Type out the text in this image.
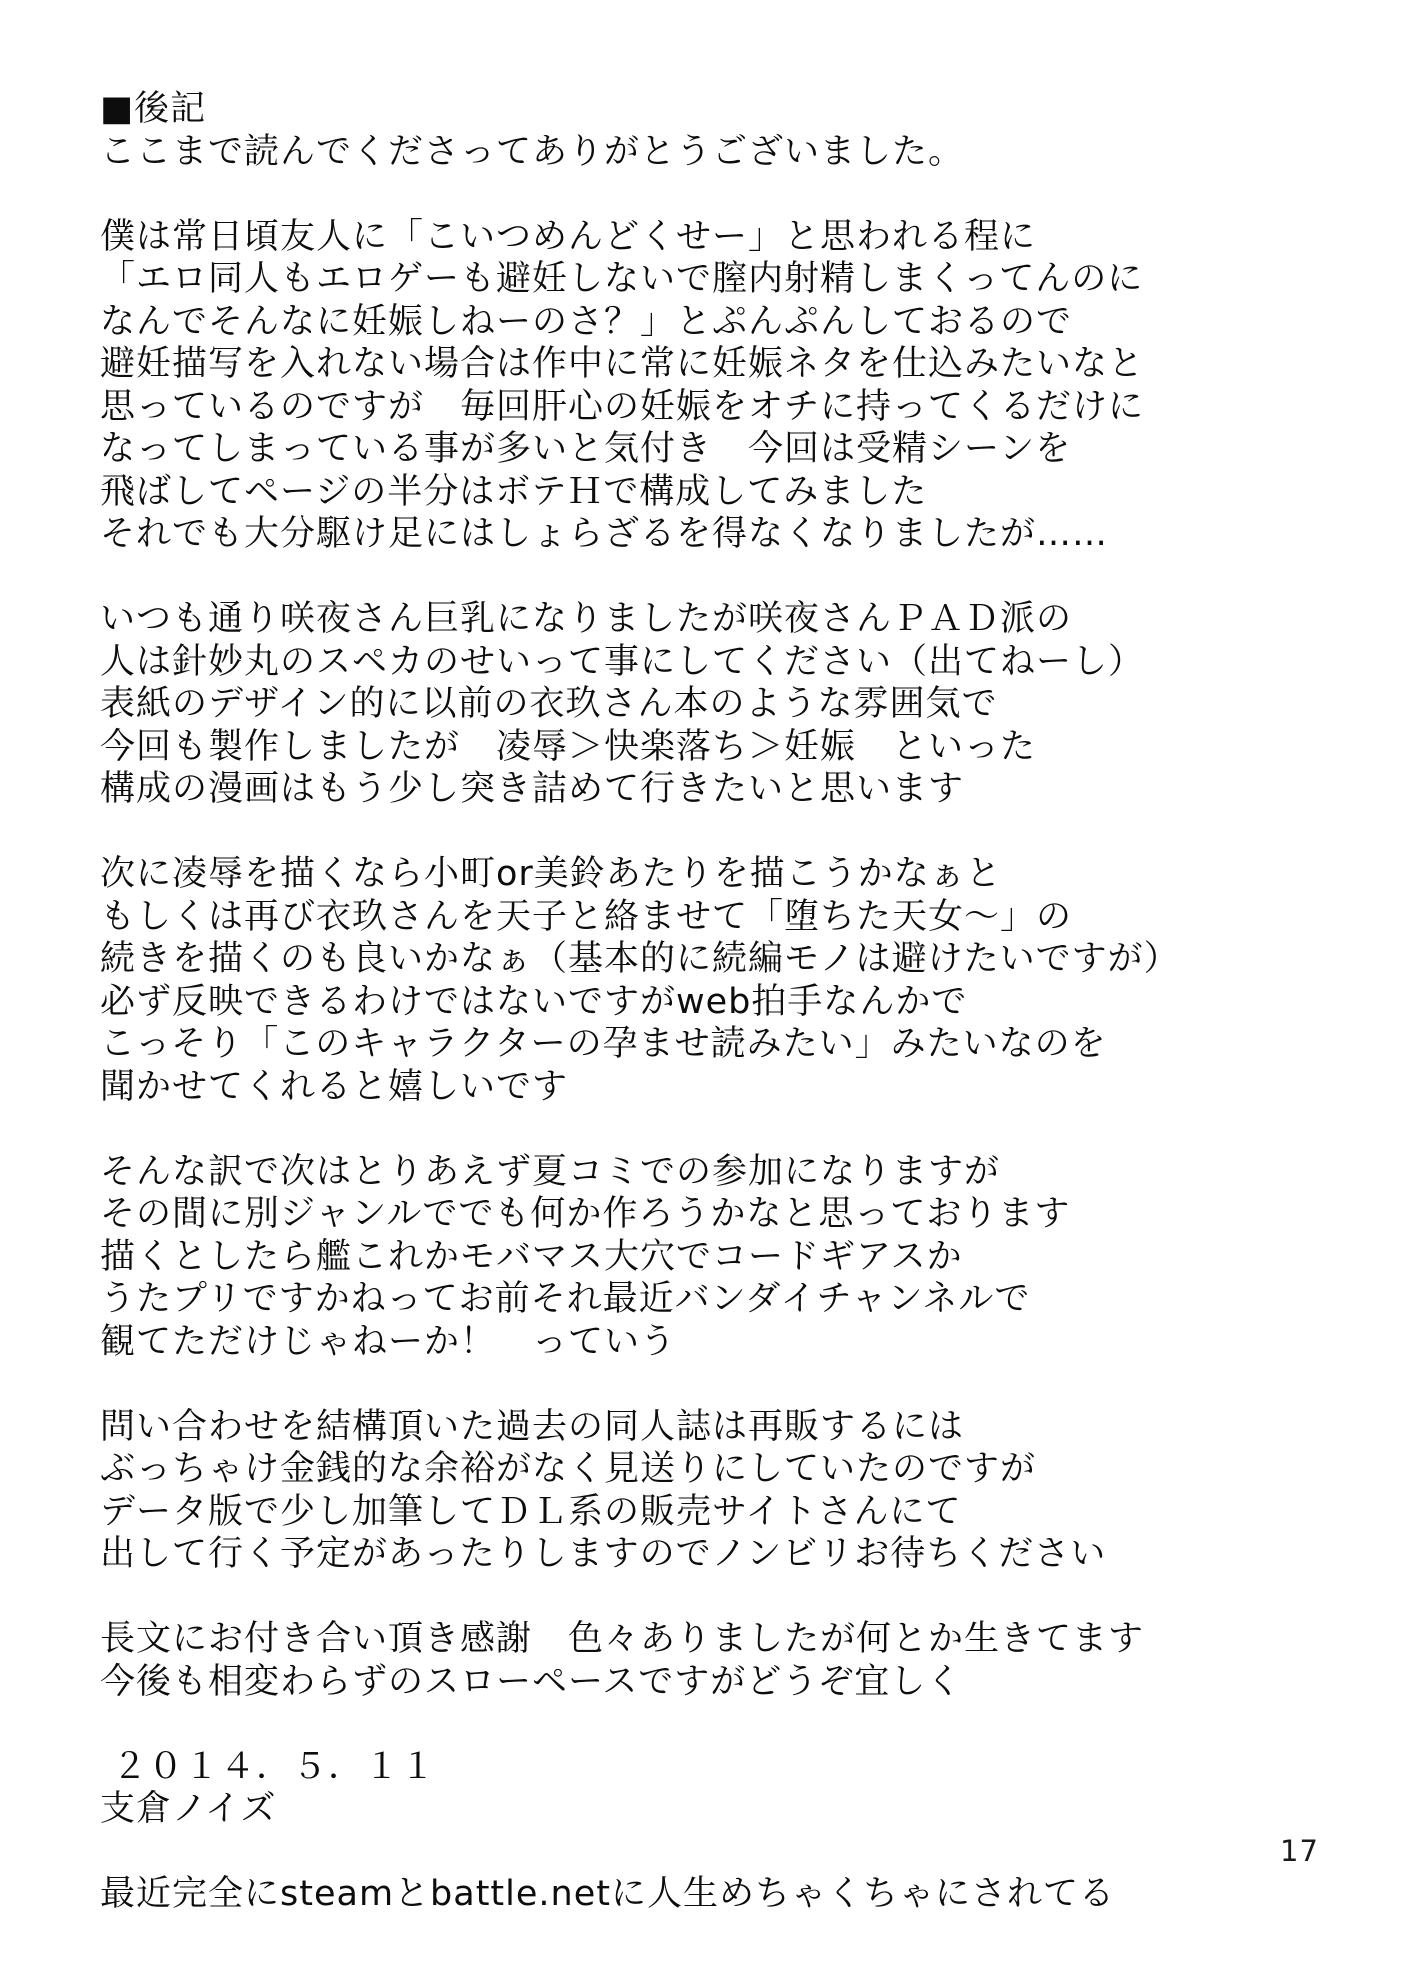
■後記
ここまで読んでくださってありがとうございました。
僕は常日頃友人に「こいつめんどくせー」と思われる程に
「エロ同人もエロゲーも避妊しないで膣内射精しまくってんのに
なんでそんなに妊娠しねーのさ？」とぷんぷんしておるので
避妊描写を入れない場合は作中に常に妊娠ネタを仕込みたいなと
思っているのですが　毎回肝心の妊娠をオチに持ってくるだけに
なってしまっている事が多いと気付き　今回は受精シーンを
飛ばしてページの半分はボテＨで構成してみました
それでも大分駆け足にはしょらざるを得なくなりましたが……
いつも通り咲夜さん巨乳になりましたが咲夜さんＰＡＤ派の
人は針妙丸のスペカのせいって事にしてください（出てねーし）
表紙のデザイン的に以前の衣玖さん本のような雰囲気で
今回も製作しましたが　凌辱＞快楽落ち＞妊娠　といった
構成の漫画はもう少し突き詰めて行きたいと思います
次に凌辱を描くなら小町or美鈴あたりを描こうかなぁと
もしくは再び衣玖さんを天子と絡ませて「堕ちた天女～」の
続きを描くのも良いかなぁ（基本的に続編モノは避けたいですが）
必ず反映できるわけではないですがweb拍手なんかで
こっそり「このキャラクターの孕ませ読みたい」みたいなのを
聞かせてくれると嬉しいです
そんな訳で次はとりあえず夏コミでの参加になりますが
その間に別ジャンルででも何か作ろうかなと思っております
描くとしたら艦これかモバマス大穴でコードギアスか
うたプリですかねってお前それ最近バンダイチャンネルで
観てただけじゃねーか！　っていう
問い合わせを結構頂いた過去の同人誌は再販するには
ぶっちゃけ金銭的な余裕がなく見送りにしていたのですが
データ版で少し加筆してＤＬ系の販売サイトさんにて
出して行く予定があったりしますのでノンビリお待ちください
長文にお付き合い頂き感謝　色々ありましたが何とか生きてます
今後も相変わらずのスローペースですがどうぞ宜しく
２０１４．５．１１
支倉ノイズ
最近完全にsteamとbattle.netに人生めちゃくちゃにされてる
17
